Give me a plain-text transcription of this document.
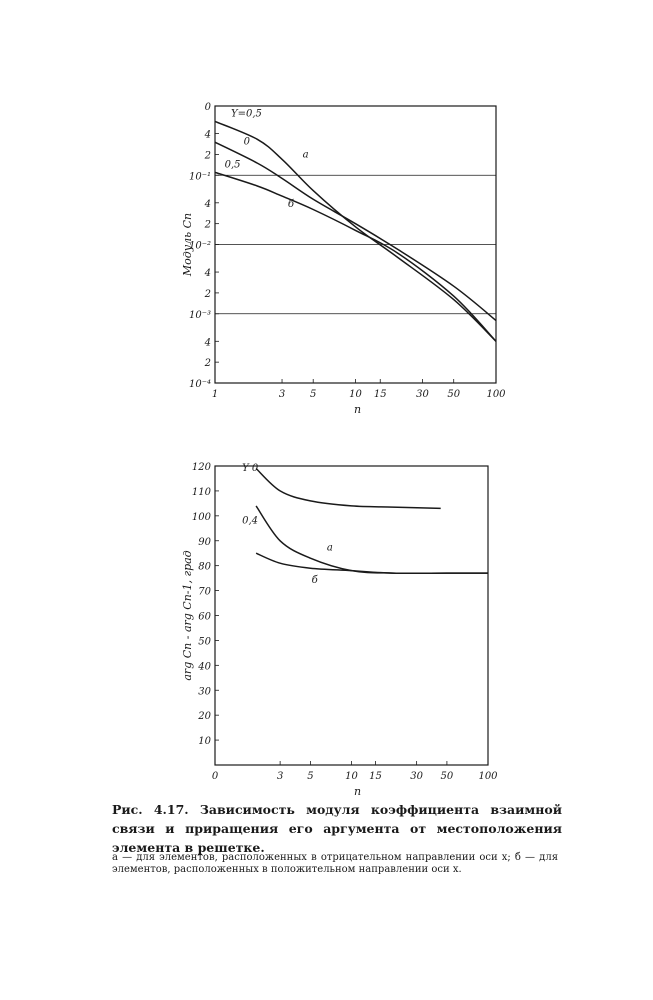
1	3 5	10 15	30 50	100
0
4
2
10⁻¹
4
2
10⁻²
4
2
10⁻³
4
2
10⁻⁴
n
Модуль Cn
Y=0,5
0
0,5
а
б
0	3 5	10 15	30 50	100
120
110
100
90
80
70
60
50
40
30
20
10
n
arg Cn - arg Cn-1, град
Y 0
0,4
а
б

Рис. 4.17. Зависимость модуля коэффициента взаимной связи и приращения его аргумента от местоположения элемента в решетке.

а — для элементов, расположенных в отрицательном направлении оси x; б — для элементов, расположенных в положительном направлении оси x.
